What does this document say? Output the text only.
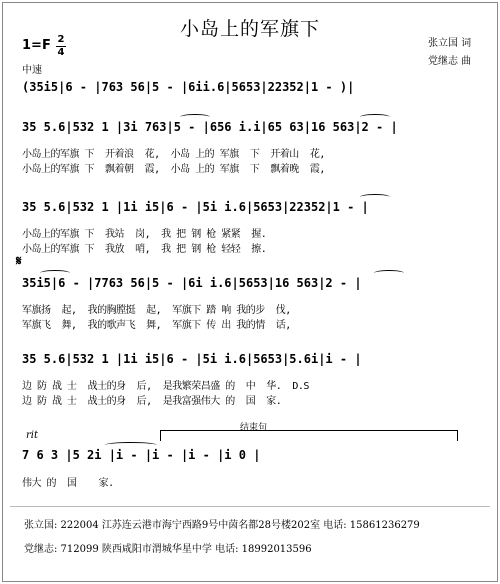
小岛上的军旗下
张立国 词
党继志 曲
1=F 2
4
中速
(35i5|6 - |763 56|5 - |6ii.6|5653|22352|1 - )|
35 5.6|532 1 |3i 763|5 - |656 i.i|65 63|16 563|2 - |
小岛上的军旗 下  开着浪  花,  小岛 上的 军旗  下  开着山  花,
小岛上的军旗 下  飘着朝  霞,  小岛 上的 军旗  下  飘着晚  霞,
35 5.6|532 1 |1i i5|6 - |5i i.6|5653|22352|1 - |
小岛上的军旗 下  我站  岗,  我 把 钢 枪 紧紧  握.
小岛上的军旗 下  我放  哨,  我 把 钢 枪 轻轻  擦.
𝄋
35i5|6 - |7763 56|5 - |6i i.6|5653|16 563|2 - |
军旗扬  起,  我的胸膛挺  起,  军旗下 踏 响 我的步  伐,
军旗飞  舞,  我的歌声飞  舞,  军旗下 传 出 我的情  话,
35 5.6|532 1 |1i i5|6 - |5i i.6|5653|5.6i|i - |
边 防 战 士  战士的身  后,  是我繁荣昌盛 的  中  华.  D.S
边 防 战 士  战士的身  后,  是我富强伟大 的  国  家.
rit
结束句
7 6 3 |5 2i |i - |i - |i - |i 0 |
伟大 的  国    家.
张立国: 222004 江苏连云港市海宁西路9号中茵名都28号楼202室 电话: 15861236279
党继志: 712099 陕西咸阳市渭城华星中学 电话: 18992013596
